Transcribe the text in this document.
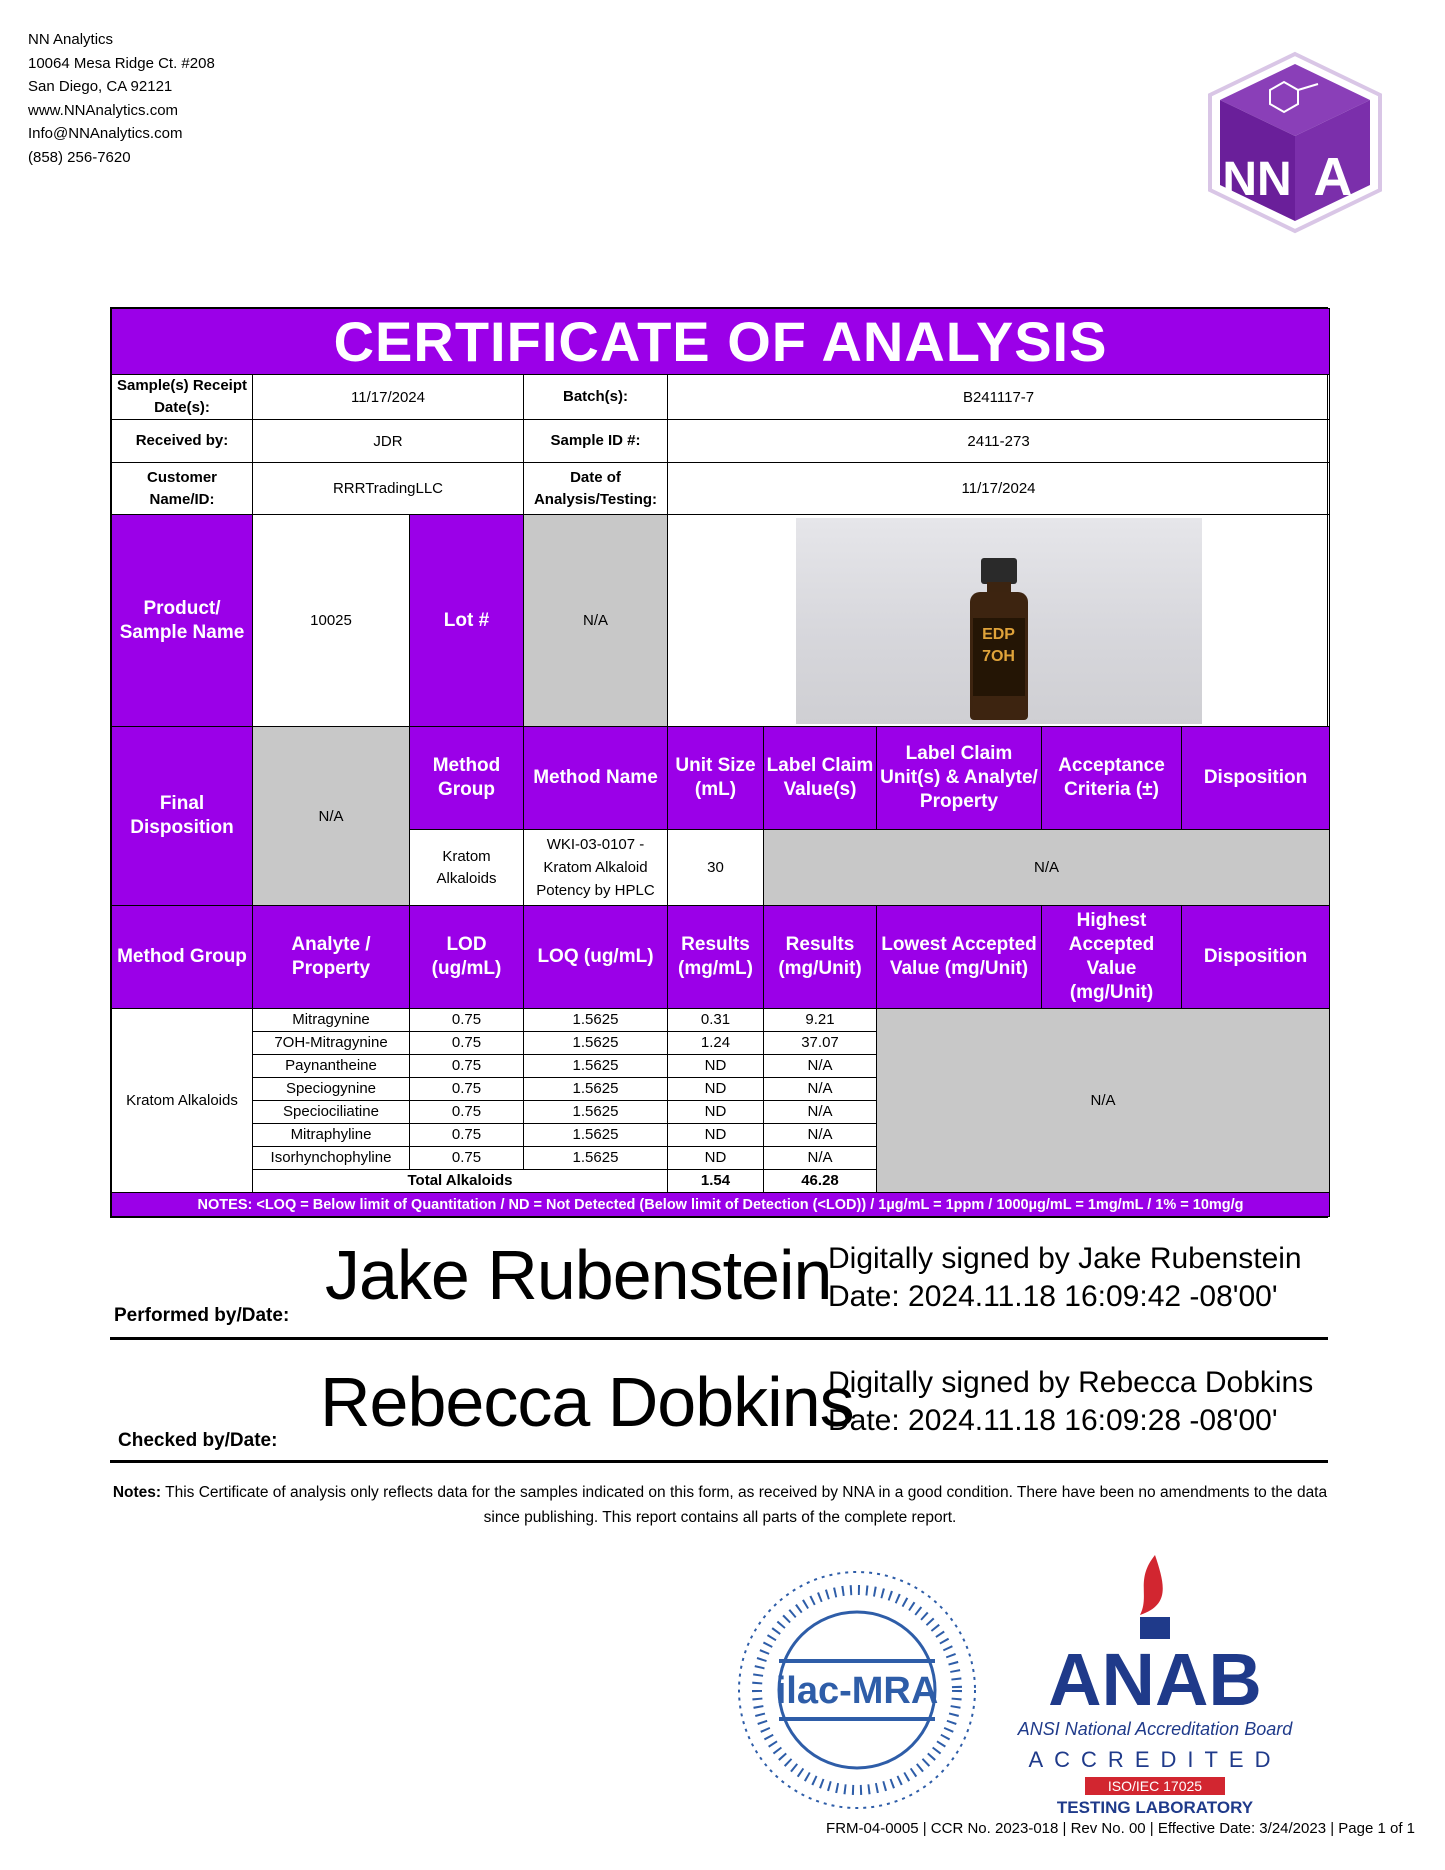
NN Analytics
10064 Mesa Ridge Ct. #208
San Diego, CA 92121
www.NNAnalytics.com
Info@NNAnalytics.com
(858) 256-7620	NN A
CERTIFICATE OF ANALYSIS								
Sample(s) Receipt Date(s):	11/17/2024		Batch(s):	B241117-7				
Received by:	JDR		Sample ID #:	2411-273				
Customer Name/ID:	RRRTradingLLC		Date of Analysis/Testing:	11/17/2024				
Product/ Sample Name	10025	Lot #	N/A	EDP
7OH				

Final Disposition	N/A	Method Group	Method Name	Unit Size (mL)	Label Claim Value(s)	Label Claim Unit(s) & Analyte/ Property	Acceptance Criteria (±)	Disposition
		Kratom Alkaloids	WKI-03-0107 - Kratom Alkaloid Potency by HPLC	30	N/A			
Method Group	Analyte / Property	LOD (ug/mL)	LOQ (ug/mL)	Results (mg/mL)	Results (mg/Unit)	Lowest Accepted Value (mg/Unit)	Highest Accepted Value (mg/Unit)	Disposition
Kratom Alkaloids	Mitragynine	0.75	1.5625	0.31	9.21	N/A		
	7OH-Mitragynine	0.75	1.5625	1.24	37.07			
	Paynantheine	0.75	1.5625	ND	N/A			
	Speciogynine	0.75	1.5625	ND	N/A			
	Speciociliatine	0.75	1.5625	ND	N/A			
	Mitraphyline	0.75	1.5625	ND	N/A			
	Isorhynchophyline	0.75	1.5625	ND	N/A			
	Total Alkaloids			1.54	46.28			
NOTES: <LOQ = Below limit of Quantitation / ND = Not Detected (Below limit of Detection (<LOD)) / 1µg/mL = 1ppm / 1000µg/mL = 1mg/mL / 1% = 10mg/g								
Performed by/Date:
Jake Rubenstein
Digitally signed by Jake Rubenstein
Date: 2024.11.18 16:09:42 -08'00'
Checked by/Date: Rebecca Dobkins
Digitally signed by Rebecca Dobkins
Date: 2024.11.18 16:09:28 -08'00'
Notes: This Certificate of analysis only reflects data for the samples indicated on this form, as received by NNA in a good condition. There have been no amendments to the data since publishing. This report contains all parts of the complete report.
ilac-MRA ANAB
ANSI National Accreditation Board
ACCREDITED
ISO/IEC 17025
TESTING LABORATORY
FRM-04-0005 | CCR No. 2023-018 | Rev No. 00 | Effective Date: 3/24/2023 | Page 1 of 1
